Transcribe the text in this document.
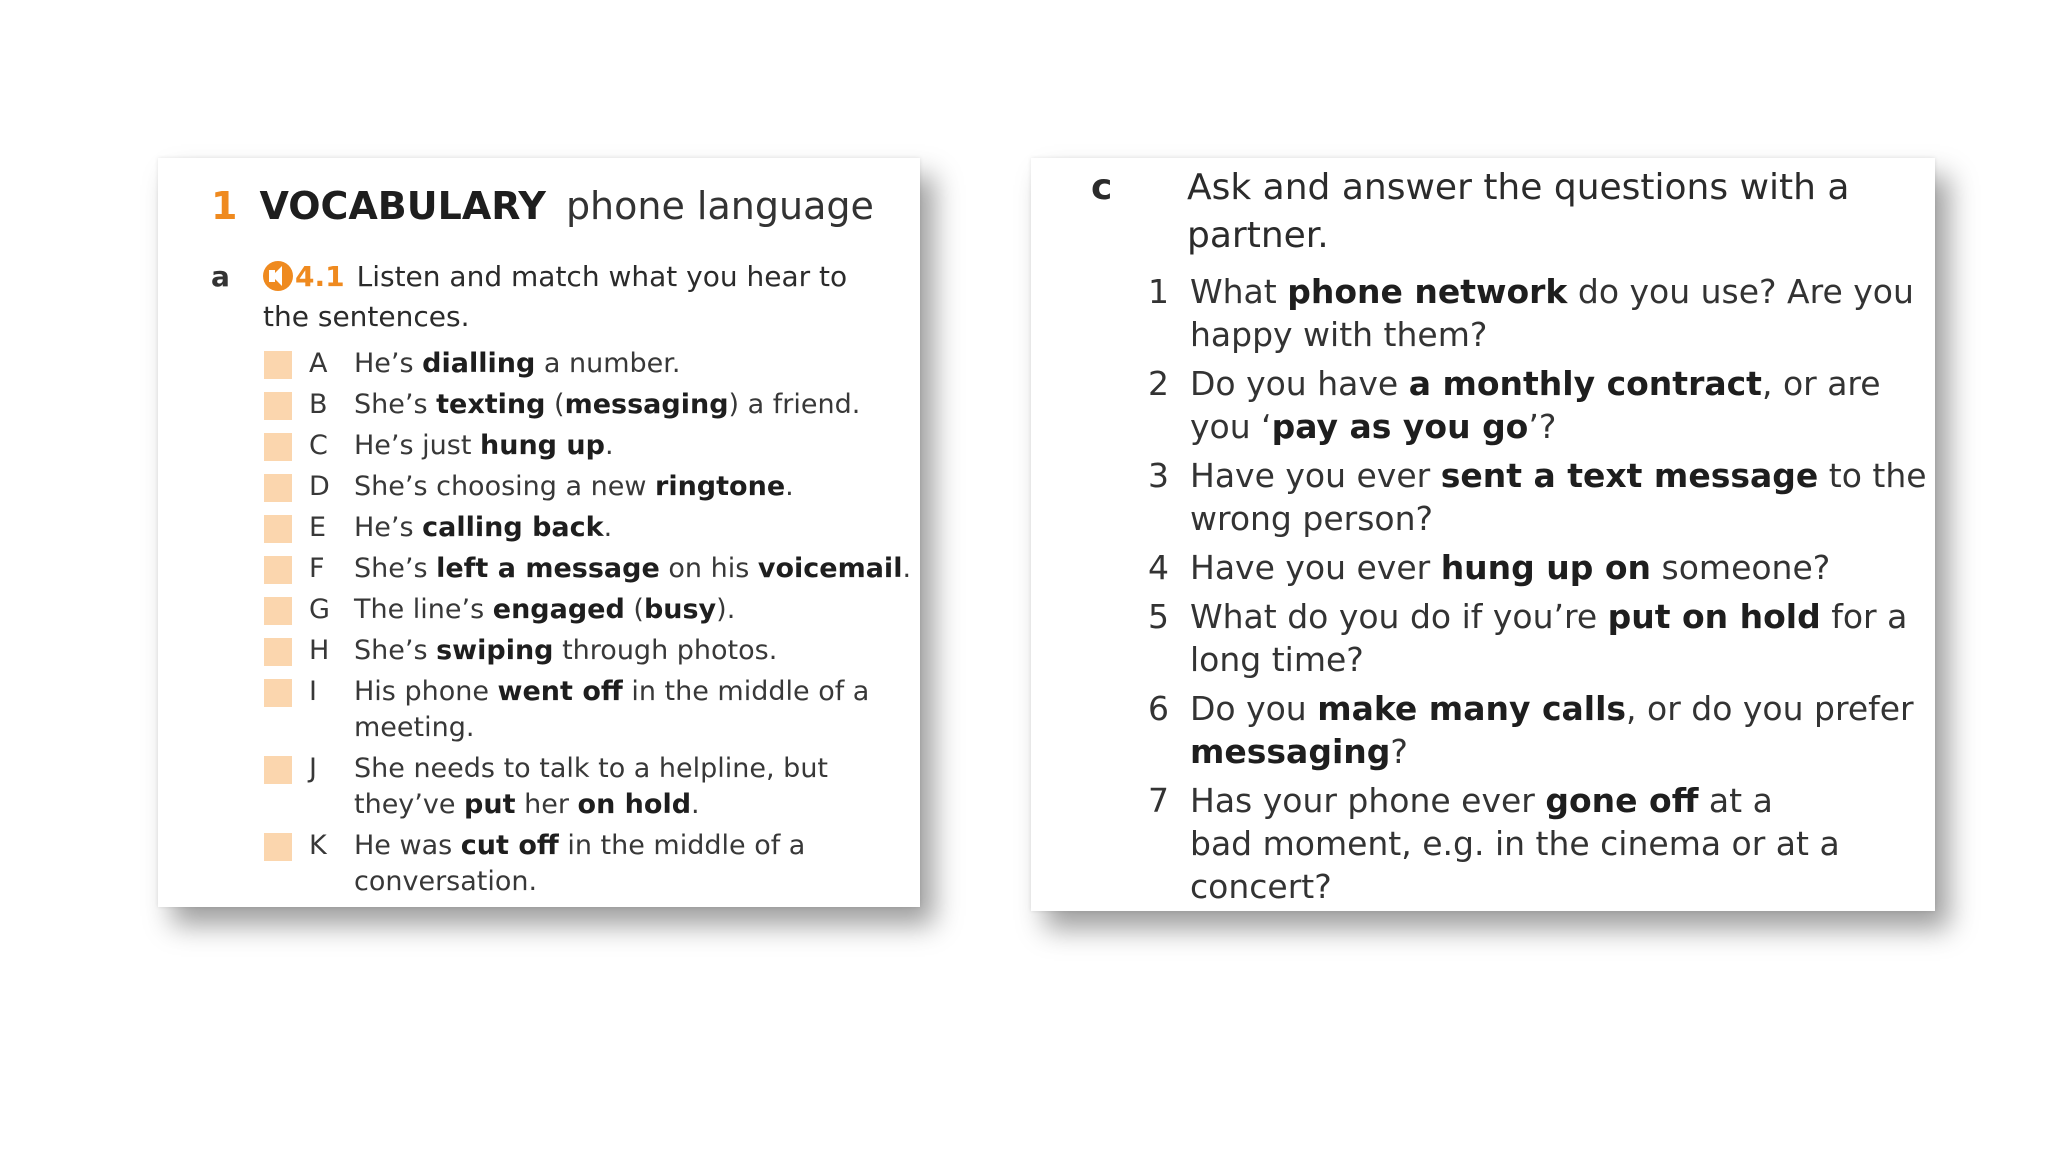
1 VOCABULARY phone language
a	4.1 Listen and match what you hear to the sentences.
A He’s dialling a number.
B She’s texting (messaging) a friend.
C He’s just hung up.
D She’s choosing a new ringtone.
E He’s calling back.
F She’s left a message on his voicemail.
G The line’s engaged (busy).
H She’s swiping through photos.
I His phone went off in the middle of a meeting.
J She needs to talk to a helpline, but they’ve put her on hold.
K He was cut off in the middle of a conversation.
c	Ask and answer the questions with a partner.
1 What phone network do you use? Are you happy with them?
2 Do you have a monthly contract, or are you ‘pay as you go’?
3 Have you ever sent a text message to the wrong person?
4 Have you ever hung up on someone?
5 What do you do if you’re put on hold for a long time?
6 Do you make many calls, or do you prefer messaging?
7 Has your phone ever gone off at a
bad moment, e.g. in the cinema or at a concert?
